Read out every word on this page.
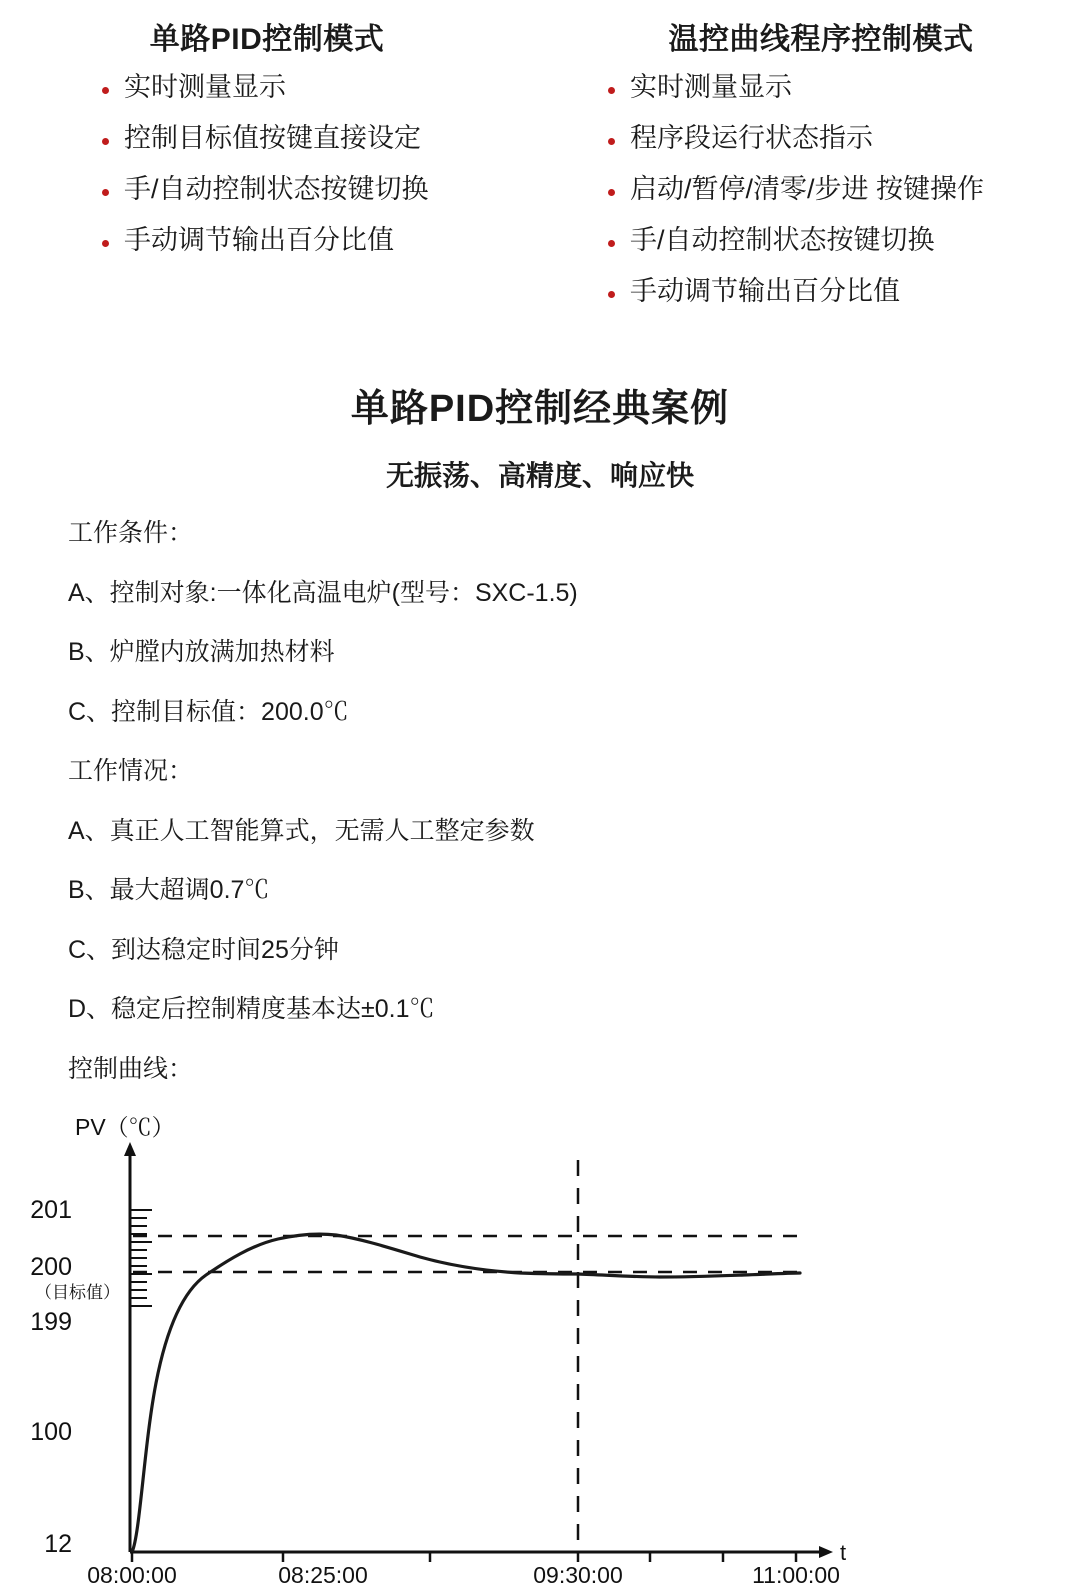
单路PID控制模式
实时测量显示
控制目标值按键直接设定
手/自动控制状态按键切换
手动调节输出百分比值
温控曲线程序控制模式
实时测量显示
程序段运行状态指示
启动/暂停/清零/步进 按键操作
手/自动控制状态按键切换
手动调节输出百分比值
单路PID控制经典案例
无振荡、高精度、响应快
工作条件：
A、控制对象:一体化高温电炉(型号：SXC-1.5)
B、炉膛内放满加热材料
C、控制目标值：200.0℃
工作情况：
A、真正人工智能算式，无需人工整定参数
B、最大超调0.7℃
C、到达稳定时间25分钟
D、稳定后控制精度基本达±0.1℃
控制曲线：
PV（℃）
t
201
200
（目标值）
199
100
12
08:00:00	08:25:00	09:30:00	11:00:00
